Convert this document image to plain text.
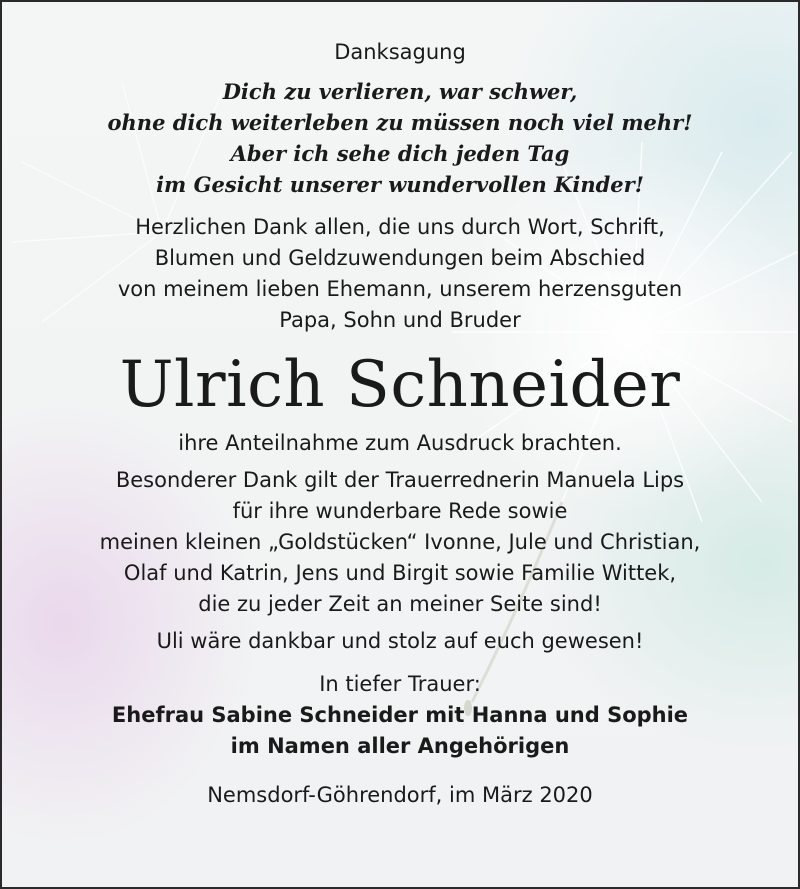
Danksagung
Dich zu verlieren, war schwer,
ohne dich weiterleben zu müssen noch viel mehr!
Aber ich sehe dich jeden Tag
im Gesicht unserer wundervollen Kinder!
Herzlichen Dank allen, die uns durch Wort, Schrift,
Blumen und Geldzuwendungen beim Abschied
von meinem lieben Ehemann, unserem herzensguten
Papa, Sohn und Bruder
Ulrich Schneider
ihre Anteilnahme zum Ausdruck brachten.
Besonderer Dank gilt der Trauerrednerin Manuela Lips
für ihre wunderbare Rede sowie
meinen kleinen „Goldstücken“ Ivonne, Jule und Christian,
Olaf und Katrin, Jens und Birgit sowie Familie Wittek,
die zu jeder Zeit an meiner Seite sind!
Uli wäre dankbar und stolz auf euch gewesen!
In tiefer Trauer:
Ehefrau Sabine Schneider mit Hanna und Sophie
im Namen aller Angehörigen
Nemsdorf-Göhrendorf, im März 2020
